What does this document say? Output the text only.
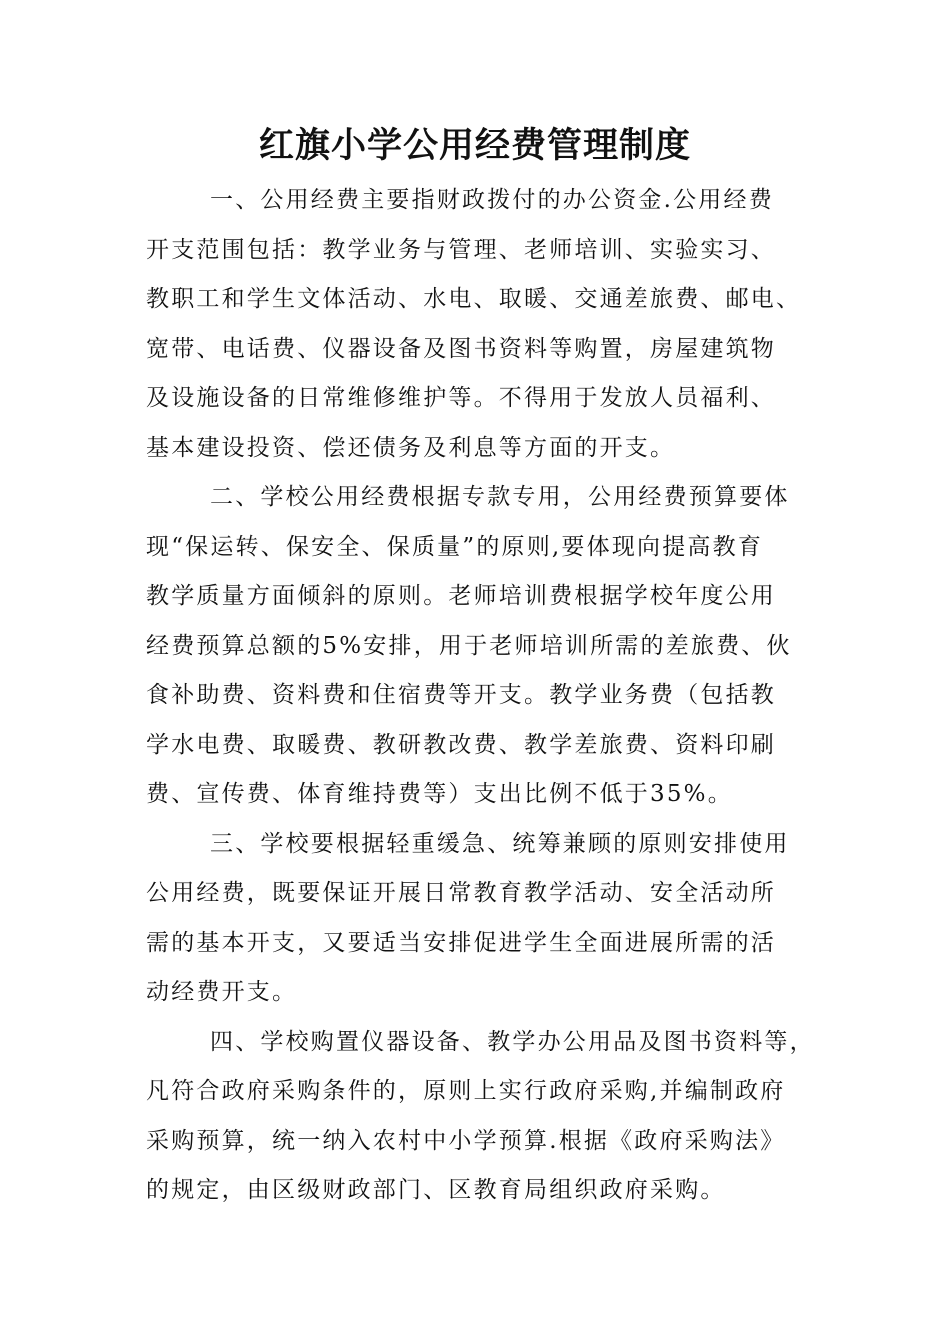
红旗小学公用经费管理制度
一、公用经费主要指财政拨付的办公资金.公用经费
开支范围包括：教学业务与管理、老师培训、实验实习、
教职工和学生文体活动、水电、取暖、交通差旅费、邮电、
宽带、电话费、仪器设备及图书资料等购置，房屋建筑物
及设施设备的日常维修维护等。不得用于发放人员福利、
基本建设投资、偿还债务及利息等方面的开支。
二、学校公用经费根据专款专用，公用经费预算要体
现“保运转、保安全、保质量”的原则,要体现向提高教育
教学质量方面倾斜的原则。老师培训费根据学校年度公用
经费预算总额的5%安排，用于老师培训所需的差旅费、伙
食补助费、资料费和住宿费等开支。教学业务费（包括教
学水电费、取暖费、教研教改费、教学差旅费、资料印刷
费、宣传费、体育维持费等）支出比例不低于35%。
三、学校要根据轻重缓急、统筹兼顾的原则安排使用
公用经费，既要保证开展日常教育教学活动、安全活动所
需的基本开支，又要适当安排促进学生全面进展所需的活
动经费开支。
四、学校购置仪器设备、教学办公用品及图书资料等，
凡符合政府采购条件的，原则上实行政府采购,并编制政府
采购预算，统一纳入农村中小学预算.根据《政府采购法》
的规定，由区级财政部门、区教育局组织政府采购。
